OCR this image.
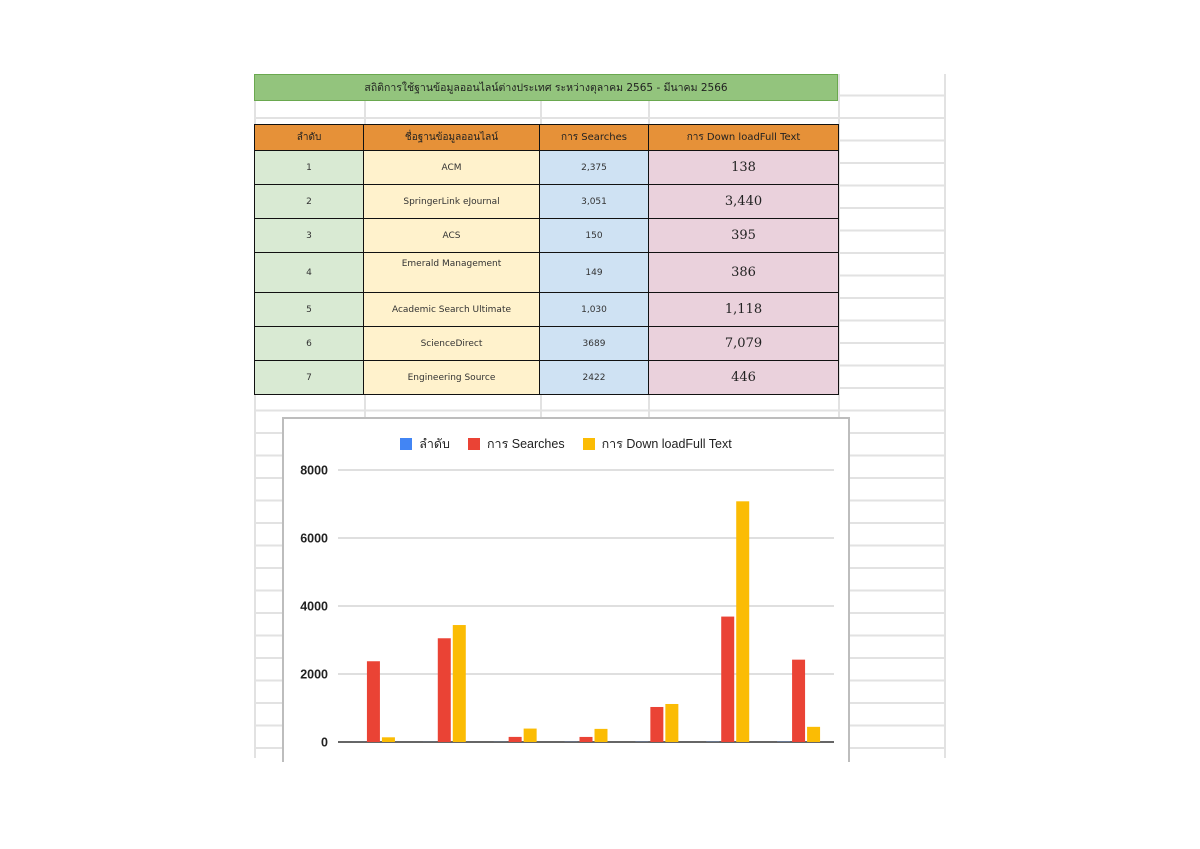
สถิติการใช้ฐานข้อมูลออนไลน์ต่างประเทศ ระหว่างตุลาคม 2565 - มีนาคม 2566
ลำดับ	ชื่อฐานข้อมูลออนไลน์	การ Searches	การ Down loadFull Text
1	ACM	2,375	138
2	SpringerLink eJournal	3,051	3,440
3	ACS	150	395
4	Emerald Management	149	386
5	Academic Search Ultimate	1,030	1,118
6	ScienceDirect	3689	7,079
7	Engineering Source	2422	446
ลำดับ	การ Searches	การ Down loadFull Text
0
2000
4000
6000
8000
